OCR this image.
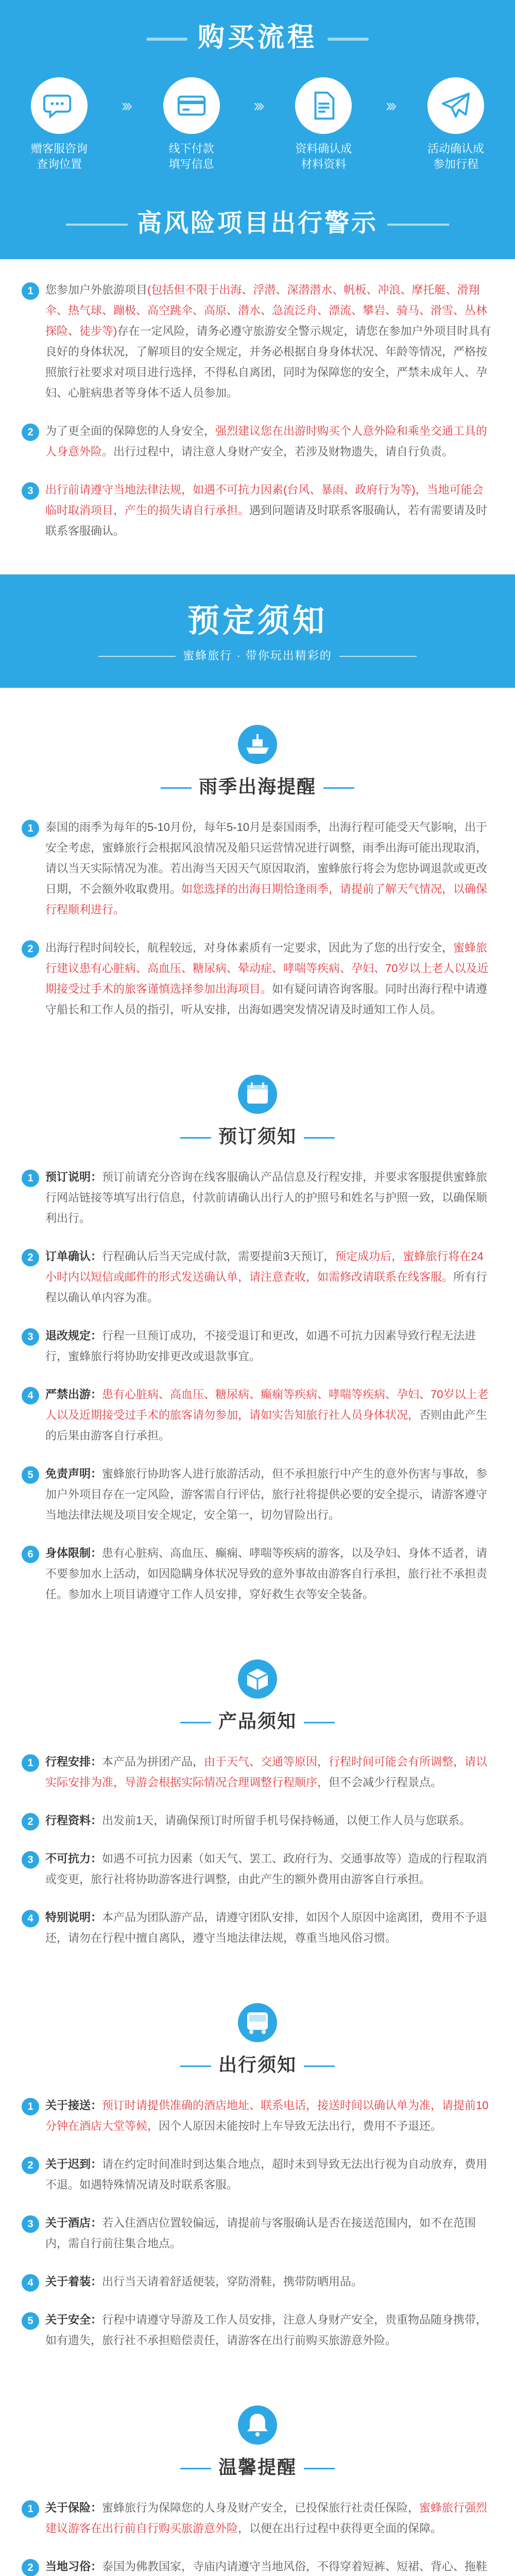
购买流程
赠客服咨询
查询位置
›››
线下付款
填写信息
›››
资料确认成
材料资料
›››
活动确认成
参加行程
高风险项目出行警示
1	您参加户外旅游项目(包括但不限于出海、浮潜、深潜潜水、帆板、冲浪、摩托艇、滑翔伞、热气球、蹦极、高空跳伞、高原、潜水、急流泛舟、漂流、攀岩、骑马、滑雪、丛林探险、徒步等)存在一定风险，请务必遵守旅游安全警示规定，请您在参加户外项目时具有良好的身体状况，了解项目的安全规定，并务必根据自身身体状况、年龄等情况，严格按照旅行社要求对项目进行选择，不得私自离团，同时为保障您的安全，严禁未成年人、孕妇、心脏病患者等身体不适人员参加。

2	为了更全面的保障您的人身安全，强烈建议您在出游时购买个人意外险和乘坐交通工具的人身意外险。出行过程中，请注意人身财产安全，若涉及财物遗失，请自行负责。

3	出行前请遵守当地法律法规，如遇不可抗力因素(台风、暴雨、政府行为等)，当地可能会临时取消项目，产生的损失请自行承担。遇到问题请及时联系客服确认，若有需要请及时联系客服确认。

预定须知
蜜蜂旅行 · 带你玩出精彩的
雨季出海提醒
1	泰国的雨季为每年的5-10月份，每年5-10月是泰国雨季，出海行程可能受天气影响，出于安全考虑，蜜蜂旅行会根据风浪情况及船只运营情况进行调整，雨季出海可能出现取消，请以当天实际情况为准。若出海当天因天气原因取消，蜜蜂旅行将会为您协调退款或更改日期，不会额外收取费用。如您选择的出海日期恰逢雨季，请提前了解天气情况，以确保行程顺利进行。

2	出海行程时间较长，航程较远，对身体素质有一定要求，因此为了您的出行安全，蜜蜂旅行建议患有心脏病、高血压、糖尿病、晕动症、哮喘等疾病、孕妇、70岁以上老人以及近期接受过手术的旅客谨慎选择参加出海项目。如有疑问请咨询客服。同时出海行程中请遵守船长和工作人员的指引，听从安排，出海如遇突发情况请及时通知工作人员。

预订须知
1	预订说明：预订前请充分咨询在线客服确认产品信息及行程安排，并要求客服提供蜜蜂旅行网站链接等填写出行信息，付款前请确认出行人的护照号和姓名与护照一致，以确保顺利出行。

2	订单确认：行程确认后当天完成付款，需要提前3天预订，预定成功后，蜜蜂旅行将在24小时内以短信或邮件的形式发送确认单，请注意查收，如需修改请联系在线客服。所有行程以确认单内容为准。

3	退改规定：行程一旦预订成功，不接受退订和更改，如遇不可抗力因素导致行程无法进行，蜜蜂旅行将协助安排更改或退款事宜。

4	严禁出游：患有心脏病、高血压、糖尿病、癫痫等疾病、哮喘等疾病、孕妇、70岁以上老人以及近期接受过手术的旅客请勿参加，请如实告知旅行社人员身体状况，否则由此产生的后果由游客自行承担。

5	免责声明：蜜蜂旅行协助客人进行旅游活动，但不承担旅行中产生的意外伤害与事故，参加户外项目存在一定风险，游客需自行评估，旅行社将提供必要的安全提示，请游客遵守当地法律法规及项目安全规定，安全第一，切勿冒险出行。

6	身体限制：患有心脏病、高血压、癫痫、哮喘等疾病的游客，以及孕妇、身体不适者，请不要参加水上活动，如因隐瞒身体状况导致的意外事故由游客自行承担，旅行社不承担责任。参加水上项目请遵守工作人员安排，穿好救生衣等安全装备。

产品须知
1	行程安排：本产品为拼团产品，由于天气、交通等原因，行程时间可能会有所调整，请以实际安排为准，导游会根据实际情况合理调整行程顺序，但不会减少行程景点。

2	行程资料：出发前1天，请确保预订时所留手机号保持畅通，以便工作人员与您联系。

3	不可抗力：如遇不可抗力因素（如天气、罢工、政府行为、交通事故等）造成的行程取消或变更，旅行社将协助游客进行调整，由此产生的额外费用由游客自行承担。

4	特别说明：本产品为团队游产品，请遵守团队安排，如因个人原因中途离团，费用不予退还，请勿在行程中擅自离队，遵守当地法律法规，尊重当地风俗习惯。

出行须知
1	关于接送：预订时请提供准确的酒店地址、联系电话，接送时间以确认单为准，请提前10分钟在酒店大堂等候，因个人原因未能按时上车导致无法出行，费用不予退还。

2	关于迟到：请在约定时间准时到达集合地点，超时未到导致无法出行视为自动放弃，费用不退。如遇特殊情况请及时联系客服。

3	关于酒店：若入住酒店位置较偏远，请提前与客服确认是否在接送范围内，如不在范围内，需自行前往集合地点。

4	关于着装：出行当天请着舒适便装，穿防滑鞋，携带防晒用品。

5	关于安全：行程中请遵守导游及工作人员安排，注意人身财产安全，贵重物品随身携带，如有遗失，旅行社不承担赔偿责任，请游客在出行前购买旅游意外险。

温馨提醒
1	关于保险：蜜蜂旅行为保障您的人身及财产安全，已投保旅行社责任保险，蜜蜂旅行强烈建议游客在出行前自行购买旅游意外险，以便在出行过程中获得更全面的保障。

2	当地习俗：泰国为佛教国家，寺庙内请遵守当地风俗，不得穿着短裤、短裙、背心、拖鞋
